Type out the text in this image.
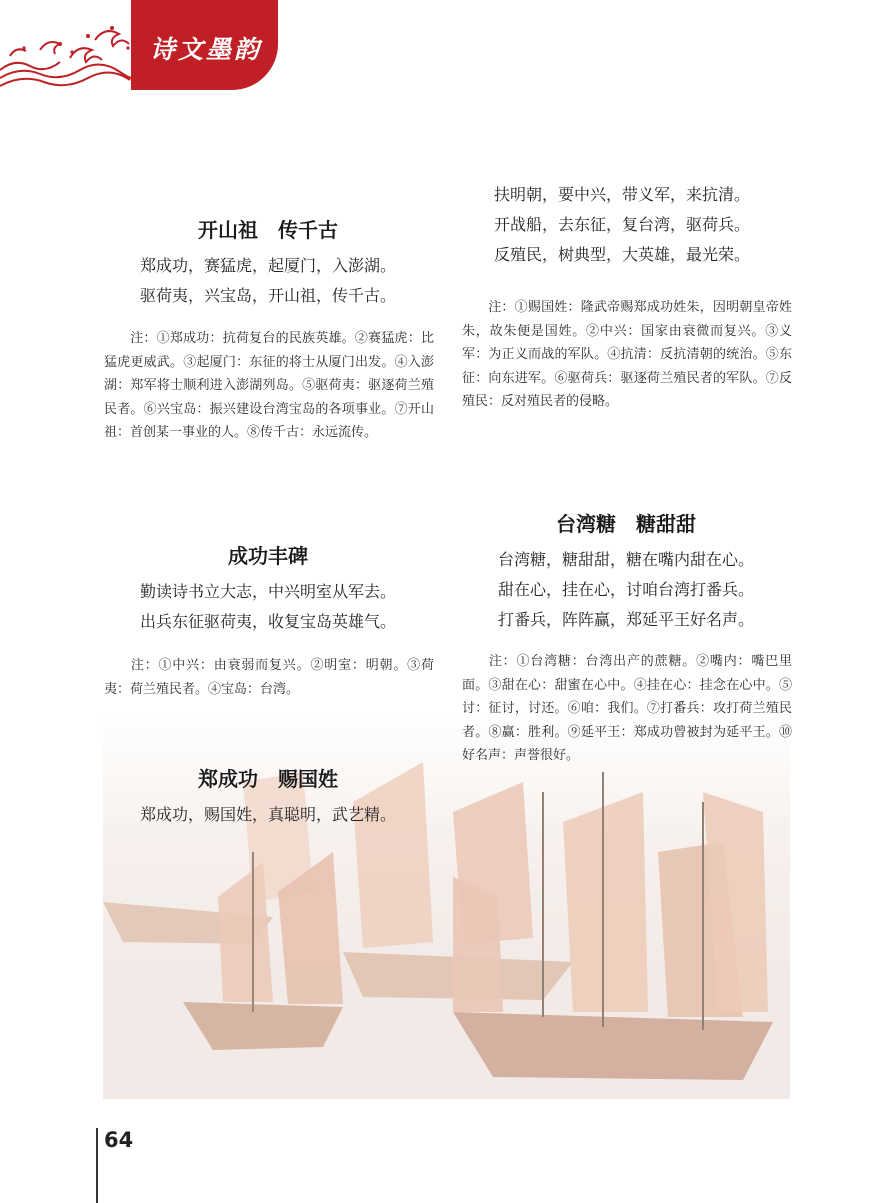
诗文墨韵
开山祖　传千古
郑成功，赛猛虎，起厦门，入澎湖。
驱荷夷，兴宝岛，开山祖，传千古。
注：①郑成功：抗荷复台的民族英雄。②赛猛虎：比猛虎更威武。③起厦门：东征的将士从厦门出发。④入澎湖：郑军将士顺利进入澎湖列岛。⑤驱荷夷：驱逐荷兰殖民者。⑥兴宝岛：振兴建设台湾宝岛的各项事业。⑦开山祖：首创某一事业的人。⑧传千古：永远流传。
成功丰碑
勤读诗书立大志，中兴明室从军去。
出兵东征驱荷夷，收复宝岛英雄气。
注：①中兴：由衰弱而复兴。②明室：明朝。③荷夷：荷兰殖民者。④宝岛：台湾。
郑成功　赐国姓
郑成功，赐国姓，真聪明，武艺精。
扶明朝，要中兴，带义军，来抗清。
开战船，去东征，复台湾，驱荷兵。
反殖民，树典型，大英雄，最光荣。
注：①赐国姓：隆武帝赐郑成功姓朱，因明朝皇帝姓朱，故朱便是国姓。②中兴：国家由衰微而复兴。③义军：为正义而战的军队。④抗清：反抗清朝的统治。⑤东征：向东进军。⑥驱荷兵：驱逐荷兰殖民者的军队。⑦反殖民：反对殖民者的侵略。
台湾糖　糖甜甜
台湾糖，糖甜甜，糖在嘴内甜在心。
甜在心，挂在心，讨咱台湾打番兵。
打番兵，阵阵赢，郑延平王好名声。
注：①台湾糖：台湾出产的蔗糖。②嘴内：嘴巴里面。③甜在心：甜蜜在心中。④挂在心：挂念在心中。⑤讨：征讨，讨还。⑥咱：我们。⑦打番兵：攻打荷兰殖民者。⑧赢：胜利。⑨延平王：郑成功曾被封为延平王。⑩好名声：声誉很好。
64
